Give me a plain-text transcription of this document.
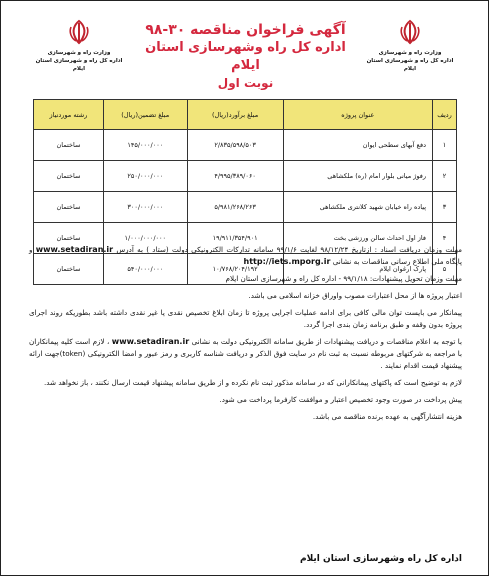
وزارت راه و شهرسازی
اداره کل راه و شهرسازی استان ایلام
وزارت راه و شهرسازی
اداره کل راه و شهرسازی استان ایلام
آگهی فراخوان مناقصه ۳۰-۹۸
اداره کل راه وشهرسازی استان ایلام
نوبت اول
ردیف	عنوان پروژه	مبلغ برآورد(ریال)	مبلغ تضمین(ریال)	رشته موردنیاز
۱	دفع آبهای سطحی ایوان	۲/۸۳۵/۵۹۸/۵۰۳	۱۴۵/۰۰۰/۰۰۰	ساختمان
۲	رفوژ میانی بلوار امام (ره) ملکشاهی	۴/۹۹۵/۳۸۹/۰۶۰	۲۵۰/۰۰۰/۰۰۰	ساختمان
۳	پیاده راه خیابان شهید کلانتری ملکشاهی	۵/۹۸۱/۲۶۸/۲۶۳	۳۰۰/۰۰۰/۰۰۰	ساختمان
۴	فاز اول احداث سالن ورزشی بخت	۱۹/۹۱۱/۳۵۴/۹۰۱	۱/۰۰۰/۰۰۰/۰۰۰	ساختمان
۵	پارک ارغوان ایلام	۱۰/۷۶۸/۲۰۴/۱۹۲	۵۴۰/۰۰۰/۰۰۰	ساختمان

مهلت وزمان دریافت اسناد : ازتاریخ ۹۸/۱۲/۲۴ لغایت ۹۹/۱/۶ سامانه تدارکات الکترونیکی دولت (ستاد ) به آدرس www.setadiran.ir و پایگاه ملی اطلاع رسانی مناقصات به نشانی http://iets.mporg.ir

مهلت وزمان تحویل پیشنهادات: ۹۹/۱/۱۸ - اداره کل راه و شهرسازی استان ایلام

اعتبار پروژه ها از محل اعتبارات مصوب واوراق خزانه اسلامی می باشد.

پیمانکار می بایست توان مالی کافی برای ادامه عملیات اجرایی پروژه تا زمان ابلاغ تخصیص نقدی یا غیر نقدی داشته باشد بطوریکه روند اجرای پروژه بدون وقفه و طبق برنامه زمان بندی اجرا گردد.

با توجه به اعلام مناقصات و دریافت پیشنهادات از طریق سامانه الکترونیکی دولت به نشانی www.setadiran.ir ، لازم است کلیه پیمانکاران با مراجعه به شرکتهای مربوطه نسبت به ثبت نام در سایت فوق الذکر و دریافت شناسه کاربری و رمز عبور و امضا الکترونیکی (token)جهت ارائه پیشنهاد قیمت اقدام نمایند .

لازم به توضیح است که پاکتهای پیمانکارانی که در سامانه مذکور ثبت نام نکرده و از طریق سامانه پیشنهاد قیمت ارسال نکنند ، باز نخواهد شد.

پیش پرداخت در صورت وجود تخصیص اعتبار و موافقت کارفرما پرداخت می شود.

هزینه انتشارآگهی به عهده برنده مناقصه می باشد.

اداره کل راه وشهرسازی استان ایلام
